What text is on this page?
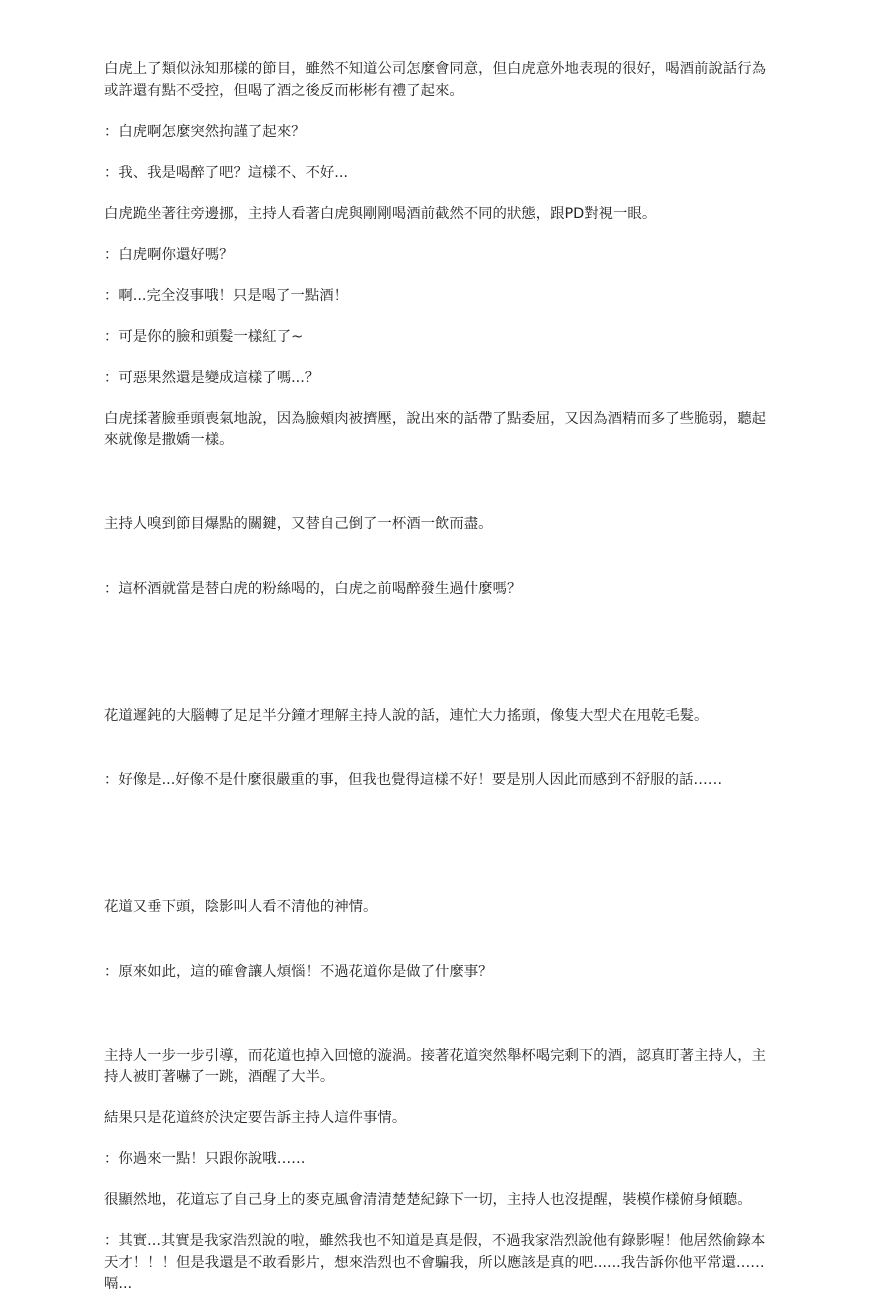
白虎上了類似泳知那樣的節目，雖然不知道公司怎麼會同意，但白虎意外地表現的很好，喝酒前說話行為或許還有點不受控，但喝了酒之後反而彬彬有禮了起來。
：白虎啊怎麼突然拘謹了起來？
：我、我是喝醉了吧？這樣不、不好...
白虎跪坐著往旁邊挪，主持人看著白虎與剛剛喝酒前截然不同的狀態，跟PD對視一眼。
：白虎啊你還好嗎？
：啊...完全沒事哦！只是喝了一點酒！
：可是你的臉和頭髮一樣紅了~
：可惡果然還是變成這樣了嗎...？
白虎揉著臉垂頭喪氣地說，因為臉頰肉被擠壓，說出來的話帶了點委屈，又因為酒精而多了些脆弱，聽起來就像是撒嬌一樣。

主持人嗅到節目爆點的關鍵，又替自己倒了一杯酒一飲而盡。

：這杯酒就當是替白虎的粉絲喝的，白虎之前喝醉發生過什麼嗎？

花道遲鈍的大腦轉了足足半分鐘才理解主持人說的話，連忙大力搖頭，像隻大型犬在甩乾毛髮。

：好像是...好像不是什麼很嚴重的事，但我也覺得這樣不好！要是別人因此而感到不舒服的話……

花道又垂下頭，陰影叫人看不清他的神情。

：原來如此，這的確會讓人煩惱！不過花道你是做了什麼事？

主持人一步一步引導，而花道也掉入回憶的漩渦。接著花道突然舉杯喝完剩下的酒，認真盯著主持人，主持人被盯著嚇了一跳，酒醒了大半。
結果只是花道終於決定要告訴主持人這件事情。
：你過來一點！只跟你說哦……
很顯然地，花道忘了自己身上的麥克風會清清楚楚紀錄下一切，主持人也沒提醒，裝模作樣俯身傾聽。
：其實...其實是我家浩烈說的啦，雖然我也不知道是真是假，不過我家浩烈說他有錄影喔！他居然偷錄本天才！！！但是我還是不敢看影片，想來浩烈也不會騙我，所以應該是真的吧......我告訴你他平常還……嗝...
